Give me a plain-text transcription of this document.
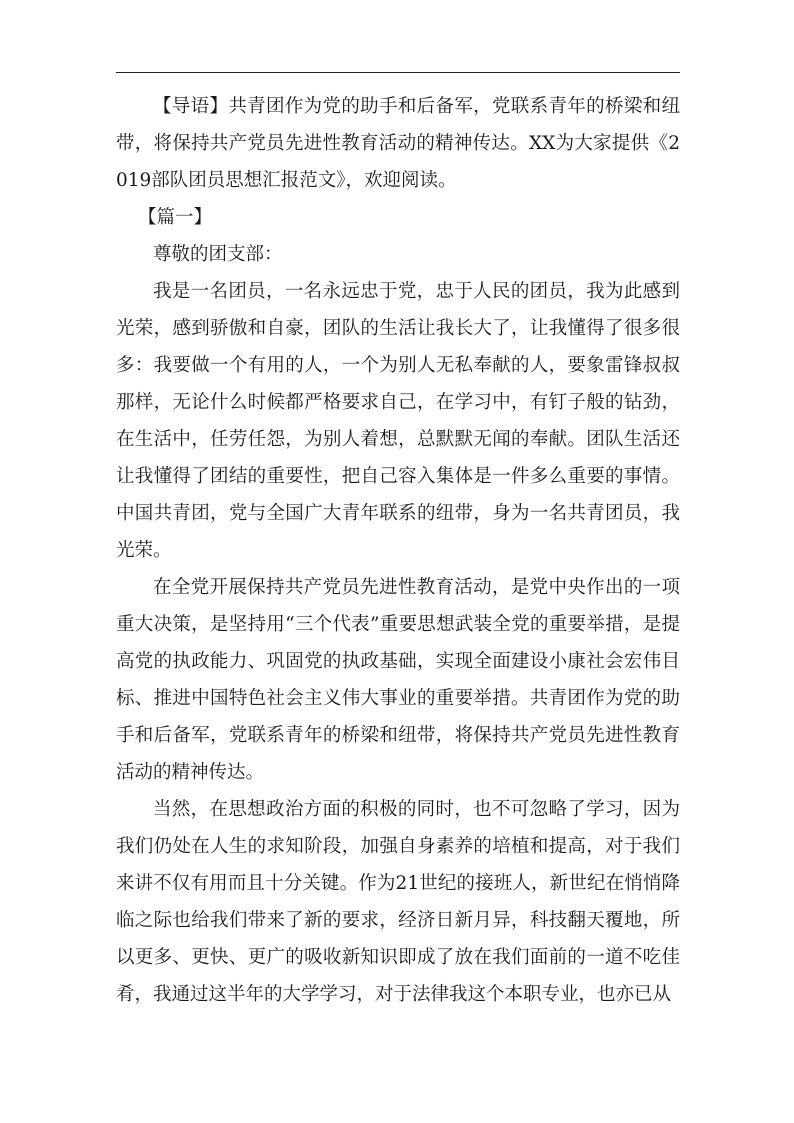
【导语】共青团作为党的助手和后备军，党联系青年的桥梁和纽带，将保持共产党员先进性教育活动的精神传达。XX为大家提供《2019部队团员思想汇报范文》，欢迎阅读。

【篇一】

尊敬的团支部：

我是一名团员，一名永远忠于党，忠于人民的团员，我为此感到光荣，感到骄傲和自豪，团队的生活让我长大了，让我懂得了很多很多：我要做一个有用的人，一个为别人无私奉献的人，要象雷锋叔叔那样，无论什么时候都严格要求自己，在学习中，有钉子般的钻劲，在生活中，任劳任怨，为别人着想，总默默无闻的奉献。团队生活还让我懂得了团结的重要性，把自己容入集体是一件多么重要的事情。中国共青团，党与全国广大青年联系的纽带，身为一名共青团员，我光荣。

在全党开展保持共产党员先进性教育活动，是党中央作出的一项重大决策，是坚持用“三个代表”重要思想武装全党的重要举措，是提高党的执政能力、巩固党的执政基础，实现全面建设小康社会宏伟目标、推进中国特色社会主义伟大事业的重要举措。共青团作为党的助手和后备军，党联系青年的桥梁和纽带，将保持共产党员先进性教育活动的精神传达。

当然，在思想政治方面的积极的同时，也不可忽略了学习，因为我们仍处在人生的求知阶段，加强自身素养的培植和提高，对于我们来讲不仅有用而且十分关键。作为21世纪的接班人，新世纪在悄悄降临之际也给我们带来了新的要求，经济日新月异，科技翻天覆地，所以更多、更快、更广的吸收新知识即成了放在我们面前的一道不吃佳肴，我通过这半年的大学学习，对于法律我这个本职专业，也亦已从
